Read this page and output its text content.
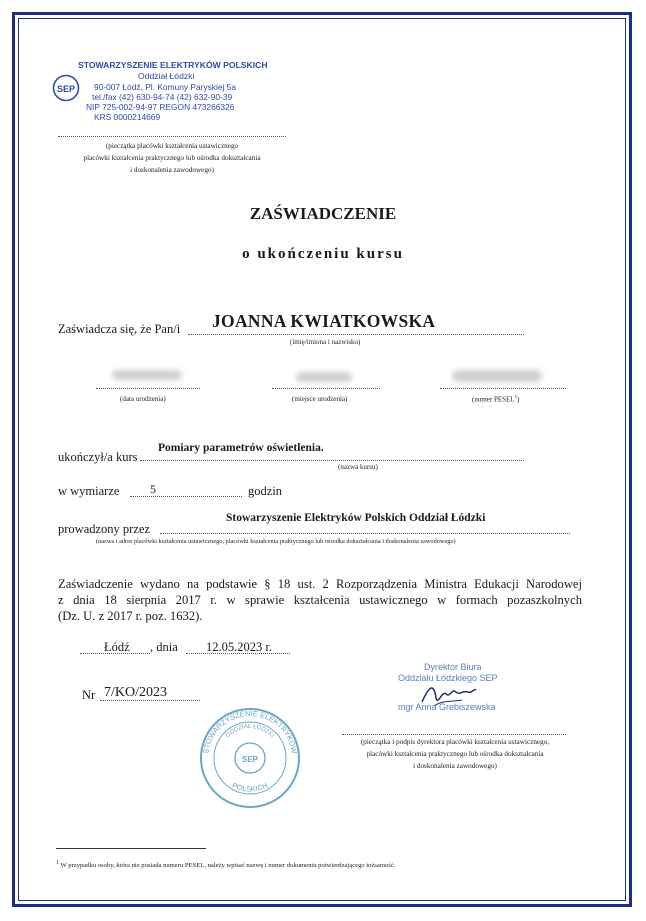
SEP
STOWARZYSZENIE ELEKTRYKÓW POLSKICH
Oddział Łódzki
90-007 Łódź, Pl. Komuny Paryskiej 5a
tel./fax (42) 630-94-74 (42) 632-90-39
NIP 725-002-94-97 REGON 473266326
KRS 0000214669
(pieczątka placówki kształcenia ustawicznego
placówki kształcenia praktycznego lub ośrodka dokształcania
i doskonalenia zawodowego)
ZAŚWIADCZENIE
o ukończeniu kursu
Zaświadcza się, że Pan/i JOANNA KWIATKOWSKA
(imię/imiona i nazwisko)
(data urodzenia)	(miejsce urodzenia)	(numer PESEL$^1$)
ukończył/a kurs
Pomiary parametrów oświetlenia.
(nazwa kursu)
w wymiarze	5	godzin
prowadzony przez
Stowarzyszenie Elektryków Polskich Oddział Łódzki
(nazwa i adres placówki kształcenia ustawicznego, placówki kształcenia praktycznego lub ośrodka dokształcania i doskonalenia zawodowego)
Zaświadczenie wydano na podstawie § 18 ust. 2 Rozporządzenia Ministra Edukacji Narodowej
z dnia 18 sierpnia 2017 r. w sprawie kształcenia ustawicznego w formach pozaszkolnych
(Dz. U. z 2017 r. poz. 1632).
Łódź , dnia 12.05.2023 r.
Nr 7/KO/2023
Dyrektor Biura
Oddziału Łódzkiego SEP
mgr Anna Grebiszewska
SEP
STOWARZYSZENIE ELEKTRYKÓW
ODDZIAŁ ŁÓDZKI
POLSKICH
(pieczątka i podpis dyrektora placówki kształcenia ustawicznego,
placówki kształcenia praktycznego lub ośrodka dokształcania
i doskonalenia zawodowego)
$^1$ W przypadku osoby, która nie posiada numeru PESEL, należy wpisać nazwę i numer dokumentu potwierdzającego tożsamość.
